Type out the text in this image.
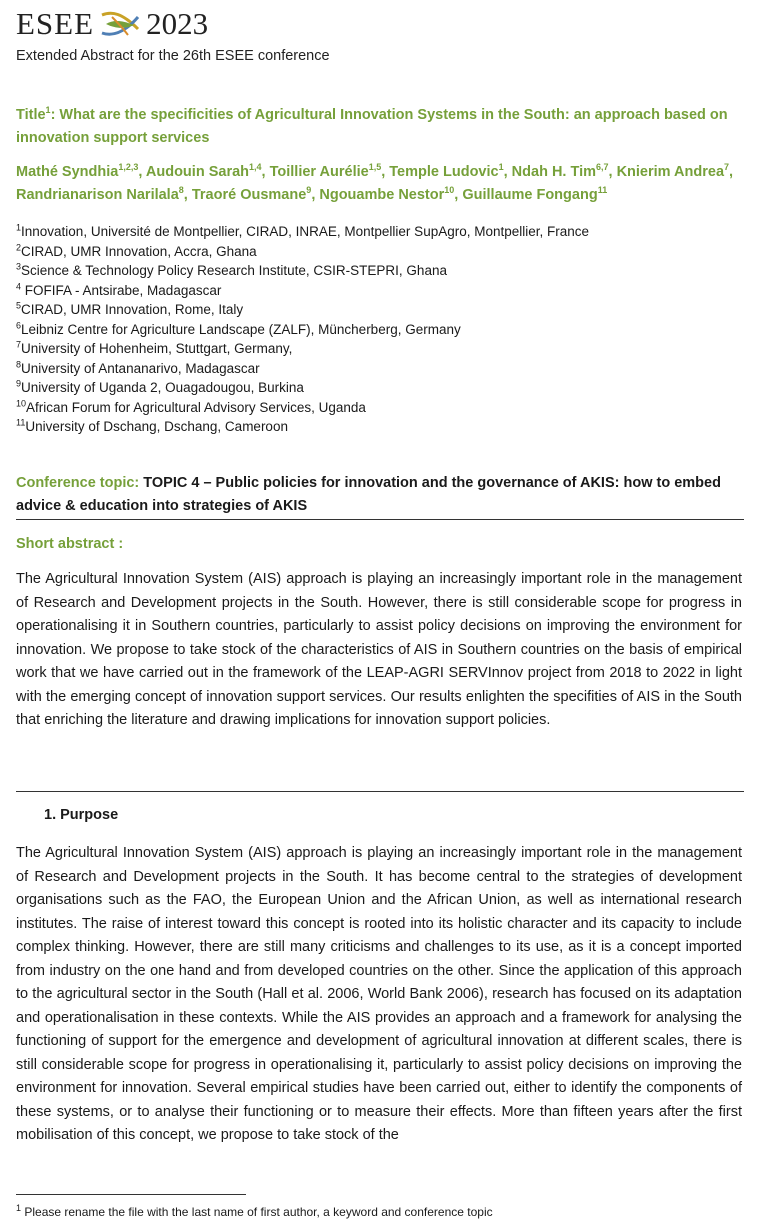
ESEE 2023
Extended Abstract for the 26th ESEE conference
Title$^1$: What are the specificities of Agricultural Innovation Systems in the South: an approach based on innovation support services
Mathé Syndhia$^{1,2,3}$, Audouin Sarah$^{1,4}$, Toillier Aurélie$^{1,5}$, Temple Ludovic$^1$, Ndah H. Tim$^{6,7}$, Knierim Andrea$^7$, Randrianarison Narilala$^8$, Traoré Ousmane$^9$, Ngouambe Nestor$^{10}$, Guillaume Fongang$^{11}$
$^1$Innovation, Université de Montpellier, CIRAD, INRAE, Montpellier SupAgro, Montpellier, France
$^2$CIRAD, UMR Innovation, Accra, Ghana
$^3$Science & Technology Policy Research Institute, CSIR-STEPRI, Ghana
$^4$ FOFIFA - Antsirabe, Madagascar
$^5$CIRAD, UMR Innovation, Rome, Italy
$^6$Leibniz Centre for Agriculture Landscape (ZALF), Müncherberg, Germany
$^7$University of Hohenheim, Stuttgart, Germany,
$^8$University of Antananarivo, Madagascar
$^9$University of Uganda 2, Ouagadougou, Burkina
$^{10}$African Forum for Agricultural Advisory Services, Uganda
$^{11}$University of Dschang, Dschang, Cameroon
Conference topic: TOPIC 4 – Public policies for innovation and the governance of AKIS: how to embed advice & education into strategies of AKIS
Short abstract :
The Agricultural Innovation System (AIS) approach is playing an increasingly important role in the management of Research and Development projects in the South. However, there is still considerable scope for progress in operationalising it in Southern countries, particularly to assist policy decisions on improving the environment for innovation. We propose to take stock of the characteristics of AIS in Southern countries on the basis of empirical work that we have carried out in the framework of the LEAP-AGRI SERVInnov project from 2018 to 2022 in light with the emerging concept of innovation support services. Our results enlighten the specifities of AIS in the South that enriching the literature and drawing implications for innovation support policies.
1. Purpose
The Agricultural Innovation System (AIS) approach is playing an increasingly important role in the management of Research and Development projects in the South. It has become central to the strategies of development organisations such as the FAO, the European Union and the African Union, as well as international research institutes. The raise of interest toward this concept is rooted into its holistic character and its capacity to include complex thinking. However, there are still many criticisms and challenges to its use, as it is a concept imported from industry on the one hand and from developed countries on the other. Since the application of this approach to the agricultural sector in the South (Hall et al. 2006, World Bank 2006), research has focused on its adaptation and operationalisation in these contexts. While the AIS provides an approach and a framework for analysing the functioning of support for the emergence and development of agricultural innovation at different scales, there is still considerable scope for progress in operationalising it, particularly to assist policy decisions on improving the environment for innovation. Several empirical studies have been carried out, either to identify the components of these systems, or to analyse their functioning or to measure their effects. More than fifteen years after the first mobilisation of this concept, we propose to take stock of the
$^1$ Please rename the file with the last name of first author, a keyword and conference topic
